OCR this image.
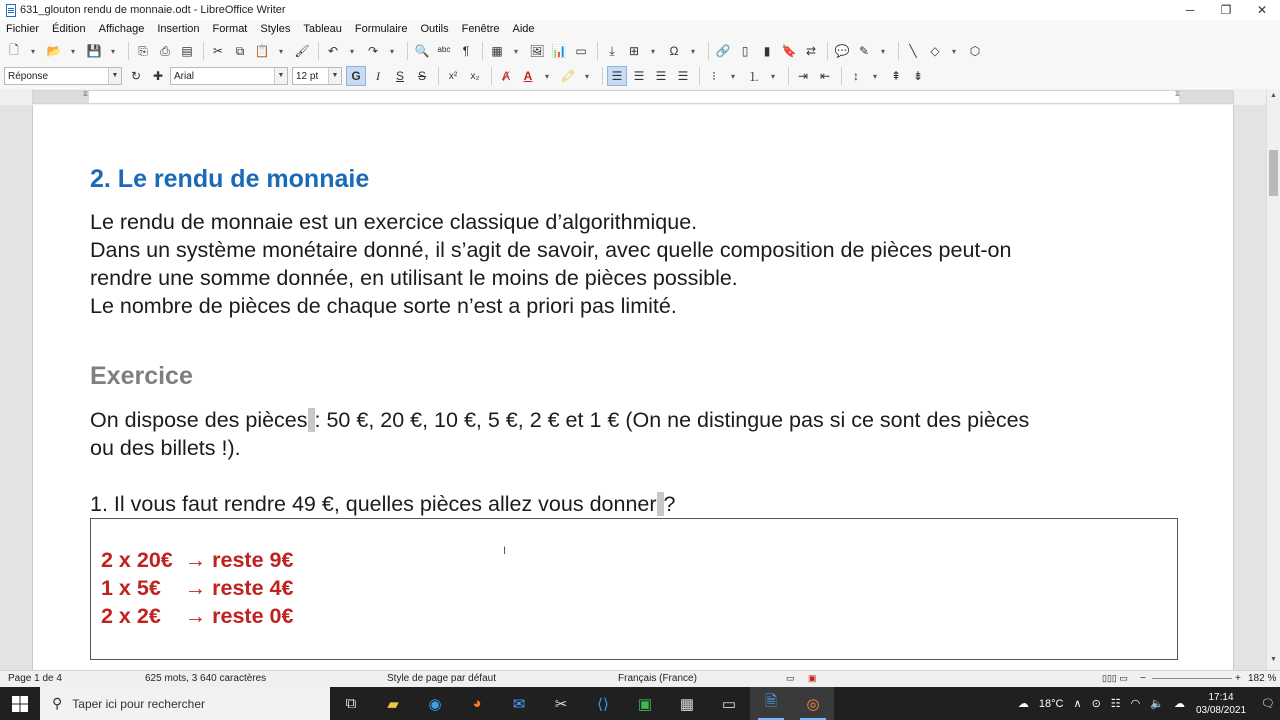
631_glouton rendu de monnaie.odt - LibreOffice Writer	─	❐	✕
Fichier Édition Affichage Insertion Format Styles Tableau Formulaire Outils Fenêtre Aide
🗋	▾ 📂	▾ 💾	▾	⎘	⎙ ▤	✂	⧉ 📋	▾ 🖌	↶	▾	↷	▾	🔍 ᵃᵇᶜ	¶	▦	▾ 🖼 📊 ▭	⤓	⊞	▾	Ω	▾	🔗 ▯	▮ 🔖 ⇄	💬 ✎	▾	╲	◇	▾	⬡
Réponse	▼	↻ ✚	Arial	▼ 12 pt	▼	G	I	S	S	x²	x₂	Ⱥ	A	▾ 🖍	▾	☰ ☰ ☰ ☰	⁝	▾	⒈	▾	⇥ ⇤	↕	▾	⇞ ⇟
⧖	⧖
2. Le rendu de monnaie
Le rendu de monnaie est un exercice classique d’algorithmique.
Dans un système monétaire donné, il s’agit de savoir, avec quelle composition de pièces peut-on
rendre une somme donnée, en utilisant le moins de pièces possible.
Le nombre de pièces de chaque sorte n’est a priori pas limité.
Exercice
On dispose des pièces : 50 €, 20 €, 10 €, 5 €, 2 € et 1 € (On ne distingue pas si ce sont des pièces
ou des billets !).
1. Il vous faut rendre 49 €, quelles pièces allez vous donner ?
2 x 20€  → reste 9€
1 x 5€    → reste 4€
2 x 2€    → reste 0€
I
▲
▼
Page 1 de 4	625 mots, 3 640 caractères	Style de page par défaut	Français (France)	▭ ▣	▯▯▯ ▭ −	+ 182 %
⚲ Taper ici pour rechercher	⧉	▰	◉	◕	✉	✂	⟨⟩	▣	▦	▭	🗎	◎	☁ 18°C ∧ ⊙ ☷ ◠ 🔈 ☁
17:14
03/08/2021 🗨
